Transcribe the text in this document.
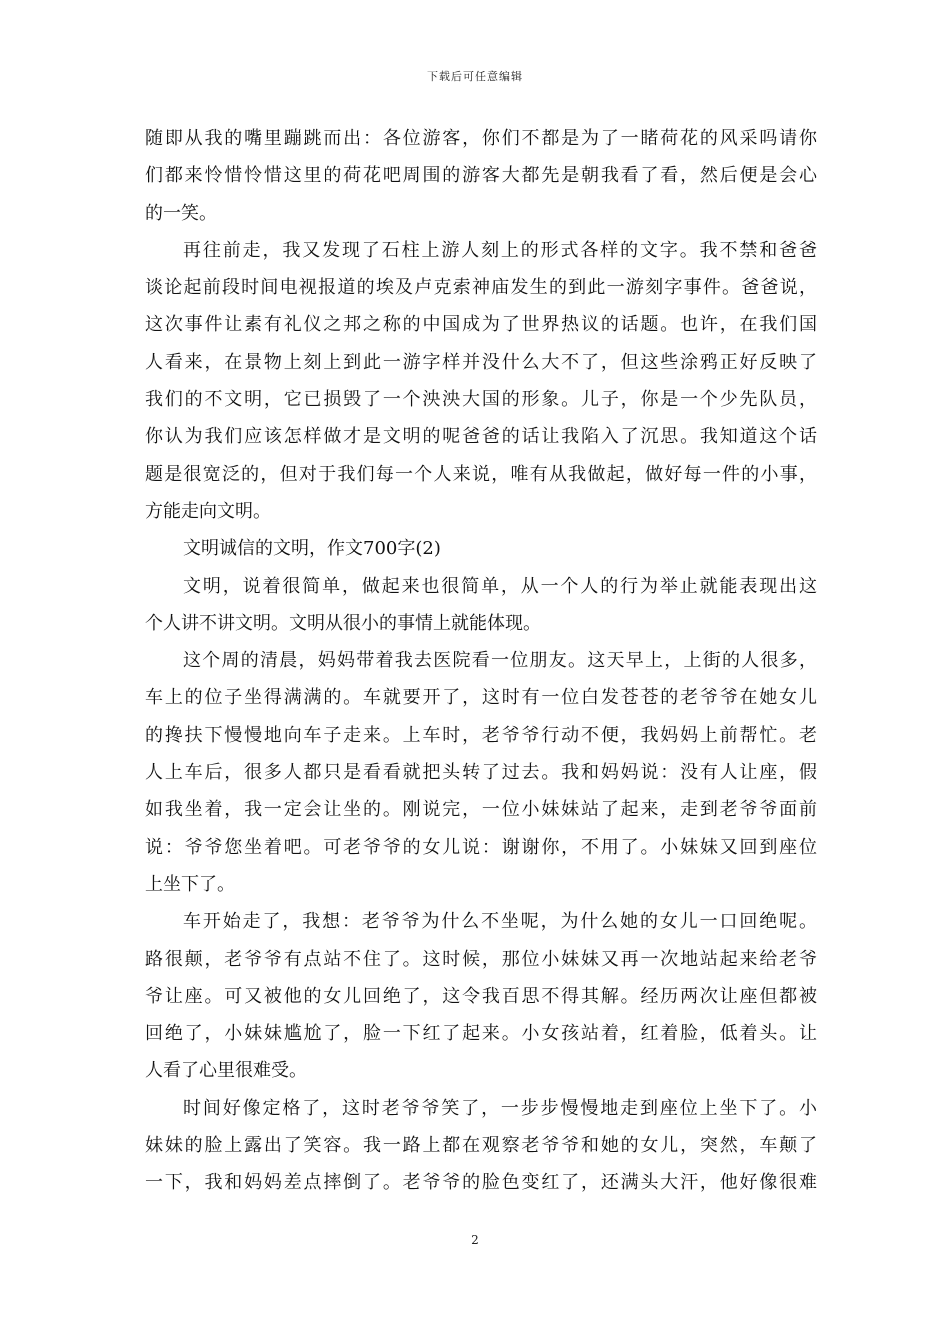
下载后可任意编辑
随即从我的嘴里蹦跳而出：各位游客，你们不都是为了一睹荷花的风采吗请你
们都来怜惜怜惜这里的荷花吧周围的游客大都先是朝我看了看，然后便是会心
的一笑。
再往前走，我又发现了石柱上游人刻上的形式各样的文字。我不禁和爸爸
谈论起前段时间电视报道的埃及卢克索神庙发生的到此一游刻字事件。爸爸说，
这次事件让素有礼仪之邦之称的中国成为了世界热议的话题。也许，在我们国
人看来，在景物上刻上到此一游字样并没什么大不了，但这些涂鸦正好反映了
我们的不文明，它已损毁了一个泱泱大国的形象。儿子，你是一个少先队员，
你认为我们应该怎样做才是文明的呢爸爸的话让我陷入了沉思。我知道这个话
题是很宽泛的，但对于我们每一个人来说，唯有从我做起，做好每一件的小事，
方能走向文明。
文明诚信的文明，作文700字(2)
文明，说着很简单，做起来也很简单，从一个人的行为举止就能表现出这
个人讲不讲文明。文明从很小的事情上就能体现。
这个周的清晨，妈妈带着我去医院看一位朋友。这天早上，上街的人很多，
车上的位子坐得满满的。车就要开了，这时有一位白发苍苍的老爷爷在她女儿
的搀扶下慢慢地向车子走来。上车时，老爷爷行动不便，我妈妈上前帮忙。老
人上车后，很多人都只是看看就把头转了过去。我和妈妈说：没有人让座，假
如我坐着，我一定会让坐的。刚说完，一位小妹妹站了起来，走到老爷爷面前
说：爷爷您坐着吧。可老爷爷的女儿说：谢谢你，不用了。小妹妹又回到座位
上坐下了。
车开始走了，我想：老爷爷为什么不坐呢，为什么她的女儿一口回绝呢。
路很颠，老爷爷有点站不住了。这时候，那位小妹妹又再一次地站起来给老爷
爷让座。可又被他的女儿回绝了，这令我百思不得其解。经历两次让座但都被
回绝了，小妹妹尴尬了，脸一下红了起来。小女孩站着，红着脸，低着头。让
人看了心里很难受。
时间好像定格了，这时老爷爷笑了，一步步慢慢地走到座位上坐下了。小
妹妹的脸上露出了笑容。我一路上都在观察老爷爷和她的女儿，突然，车颠了
一下，我和妈妈差点摔倒了。老爷爷的脸色变红了，还满头大汗，他好像很难
2
